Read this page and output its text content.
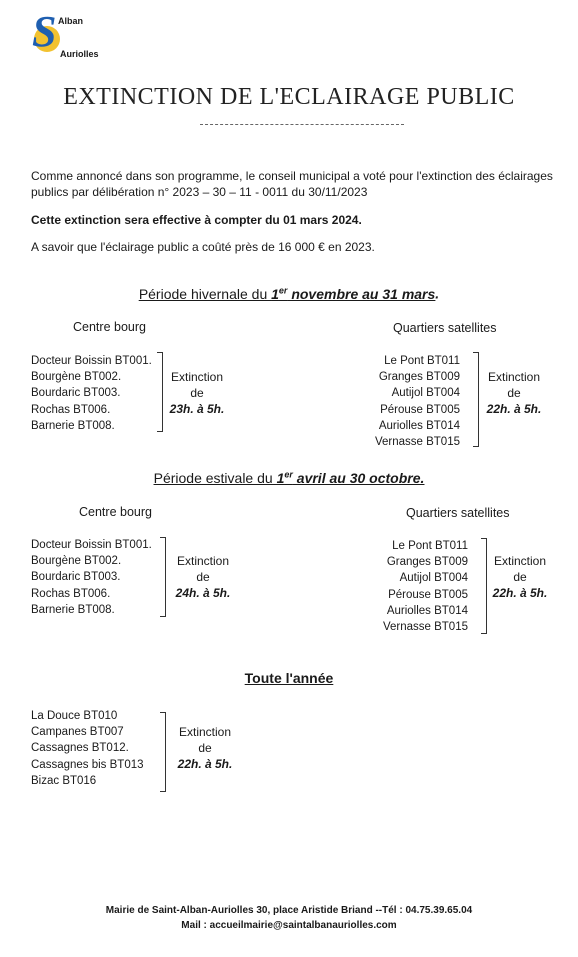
S Alban
Auriolles
EXTINCTION DE L'ECLAIRAGE PUBLIC
Comme annoncé dans son programme, le conseil municipal a voté pour l'extinction des éclairages publics par délibération n° 2023 – 30 – 11 - 0011 du 30/11/2023
Cette extinction sera effective à compter du 01 mars 2024.
A savoir que l'éclairage public a coûté près de 16 000 € en 2023.
Période hivernale du 1er novembre au 31 mars.
Centre bourg	Quartiers satellites
Docteur Boissin BT001.
Bourgène BT002.
Bourdaric BT003.
Rochas BT006.
Barnerie BT008.
Extinction
de
23h. à 5h.
Le Pont BT011
Granges BT009
Autijol BT004
Pérouse BT005
Auriolles BT014
Vernasse BT015
Extinction
de
22h. à 5h.
Période estivale du 1er avril au 30 octobre.
Centre bourg	Quartiers satellites
Docteur Boissin BT001.
Bourgène BT002.
Bourdaric BT003.
Rochas BT006.
Barnerie BT008.
Extinction
de
24h. à 5h.
Le Pont BT011
Granges BT009
Autijol BT004
Pérouse BT005
Auriolles BT014
Vernasse BT015
Extinction
de
22h. à 5h.
Toute l'année
La Douce BT010
Campanes BT007
Cassagnes BT012.
Cassagnes bis BT013
Bizac BT016
Extinction
de
22h. à 5h.
Mairie de Saint-Alban-Auriolles 30, place Aristide Briand --Tél : 04.75.39.65.04
Mail : accueilmairie@saintalbanauriolles.com
